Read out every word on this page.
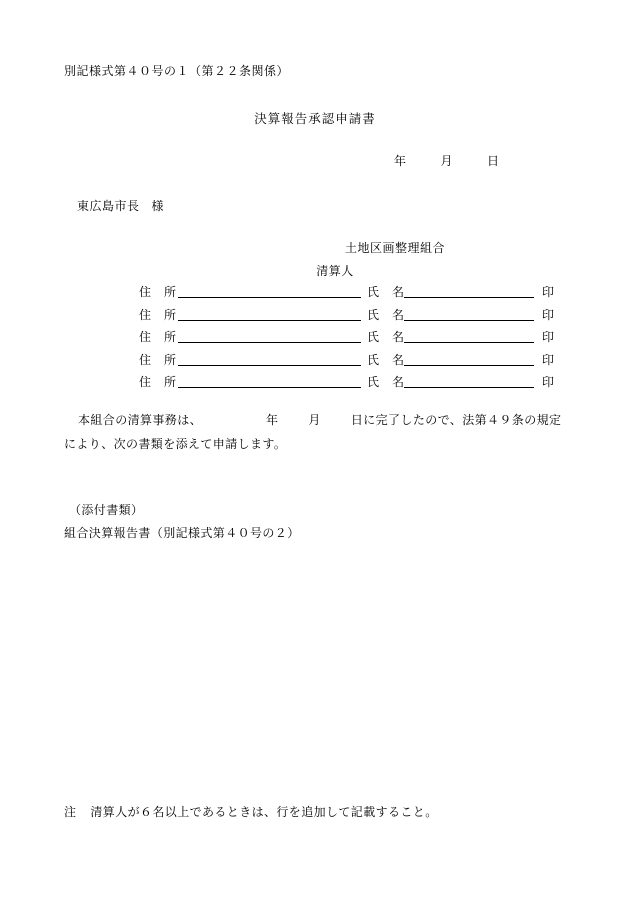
別記様式第４０号の１（第２２条関係）
決算報告承認申請書
年	月	日
東広島市長 様
土地区画整理組合
清算人
住　所	氏　名	印
住　所	氏　名	印
住　所	氏　名	印
住　所	氏　名	印
住　所	氏　名	印
本組合の清算事務は、	年	月	日に完了したので、法第４９条の規定により、次の書類を添えて申請します。
（添付書類）
組合決算報告書（別記様式第４０号の２）
注 清算人が６名以上であるときは、行を追加して記載すること。
